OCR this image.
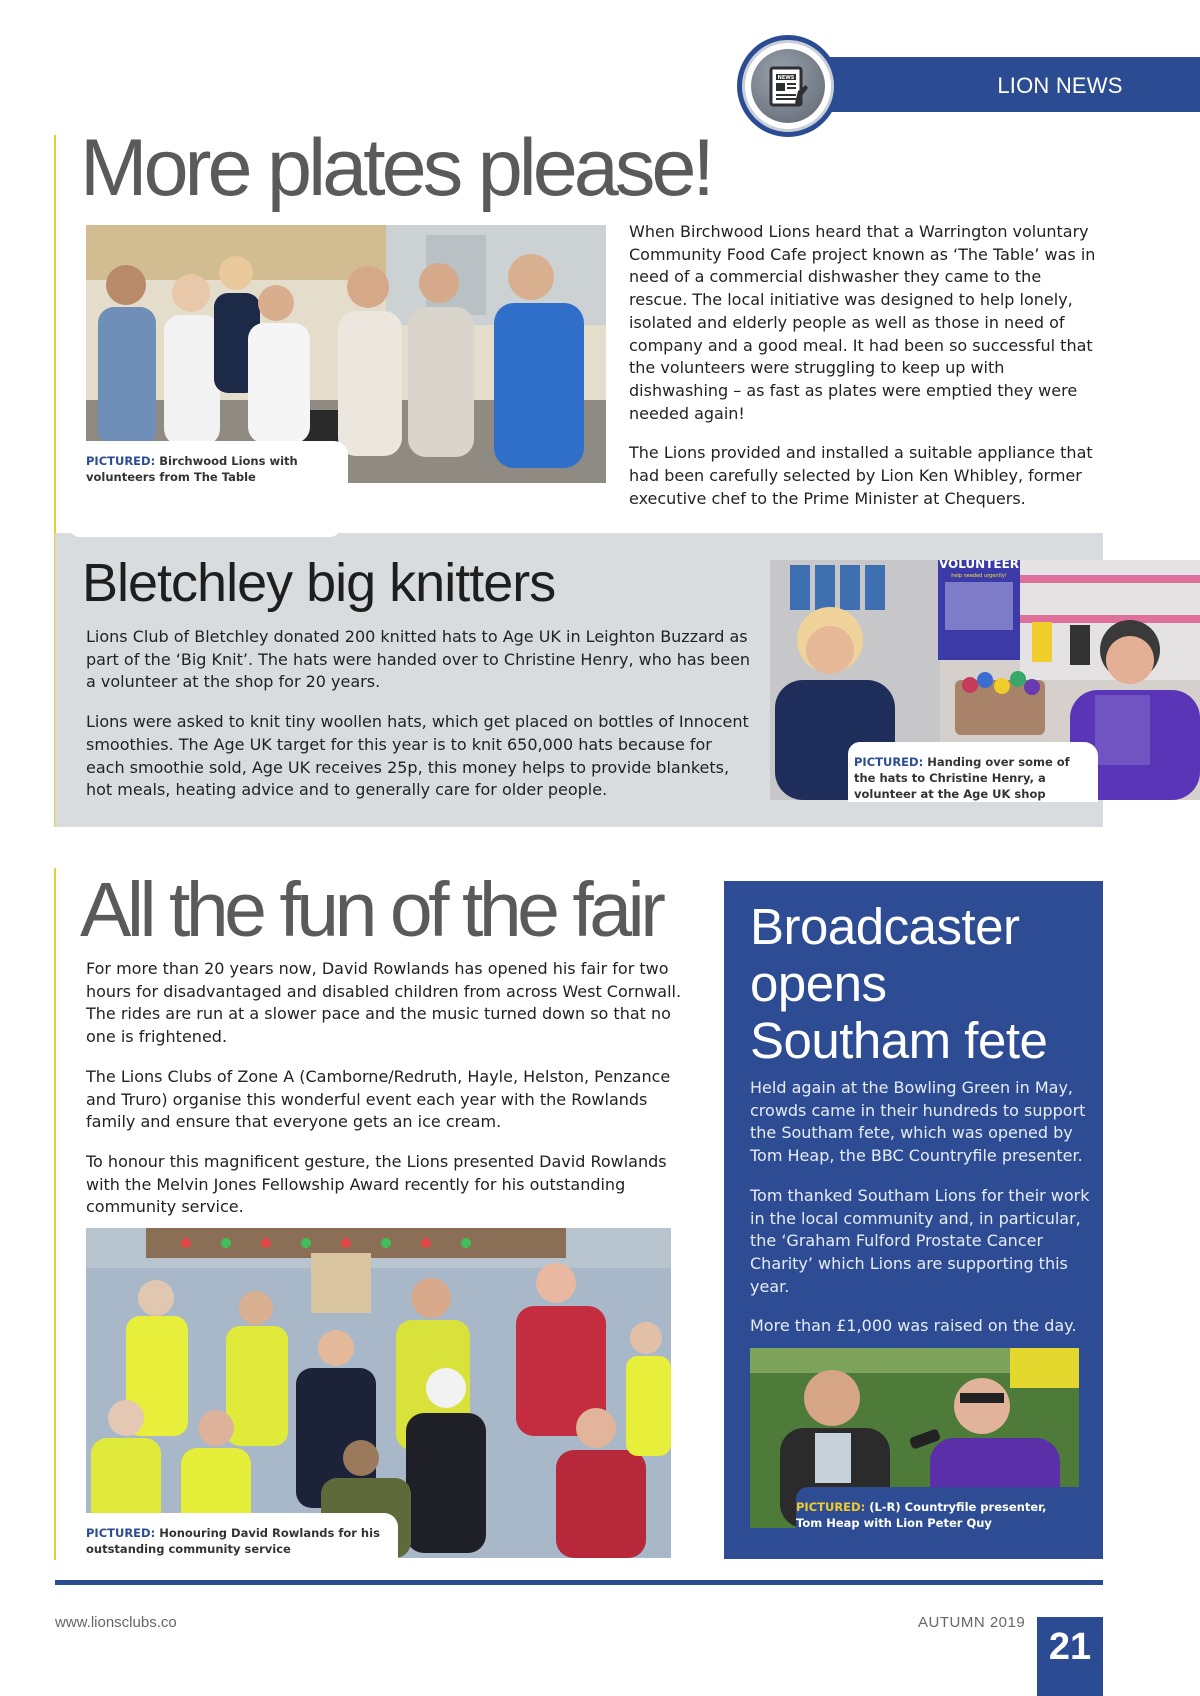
LION NEWS
NEWS
More plates please!
PICTURED: Birchwood Lions with volunteers from The Table

When Birchwood Lions heard that a Warrington voluntary Community Food Cafe project known as ‘The Table’ was in need of a commercial dishwasher they came to the rescue. The local initiative was designed to help lonely, isolated and elderly people as well as those in need of company and a good meal. It had been so successful that the volunteers were struggling to keep up with dishwashing – as fast as plates were emptied they were needed again!

The Lions provided and installed a suitable appliance that had been carefully selected by Lion Ken Whibley, former executive chef to the Prime Minister at Chequers.

Bletchley big knitters

Lions Club of Bletchley donated 200 knitted hats to Age UK in Leighton Buzzard as part of the ‘Big Knit’. The hats were handed over to Christine Henry, who has been a volunteer at the shop for 20 years.

Lions were asked to knit tiny woollen hats, which get placed on bottles of Innocent smoothies. The Age UK target for this year is to knit 650,000 hats because for each smoothie sold, Age UK receives 25p, this money helps to provide blankets, hot meals, heating advice and to generally care for older people.

VOLUNTEER
help needed urgently!
PICTURED: Handing over some of the hats to Christine Henry, a volunteer at the Age UK shop
All the fun of the fair

For more than 20 years now, David Rowlands has opened his fair for two hours for disadvantaged and disabled children from across West Cornwall. The rides are run at a slower pace and the music turned down so that no one is frightened.

The Lions Clubs of Zone A (Camborne/Redruth, Hayle, Helston, Penzance and Truro) organise this wonderful event each year with the Rowlands family and ensure that everyone gets an ice cream.

To honour this magnificent gesture, the Lions presented David Rowlands with the Melvin Jones Fellowship Award recently for his outstanding community service.

PICTURED: Honouring David Rowlands for his outstanding community service
Broadcaster opens Southam fete

Held again at the Bowling Green in May, crowds came in their hundreds to support the Southam fete, which was opened by Tom Heap, the BBC Countryfile presenter.

Tom thanked Southam Lions for their work in the local community and, in particular, the ‘Graham Fulford Prostate Cancer Charity’ which Lions are supporting this year.

More than £1,000 was raised on the day.

PICTURED: (L-R) Countryfile presenter, Tom Heap with Lion Peter Quy
www.lionsclubs.co	AUTUMN 2019
21
